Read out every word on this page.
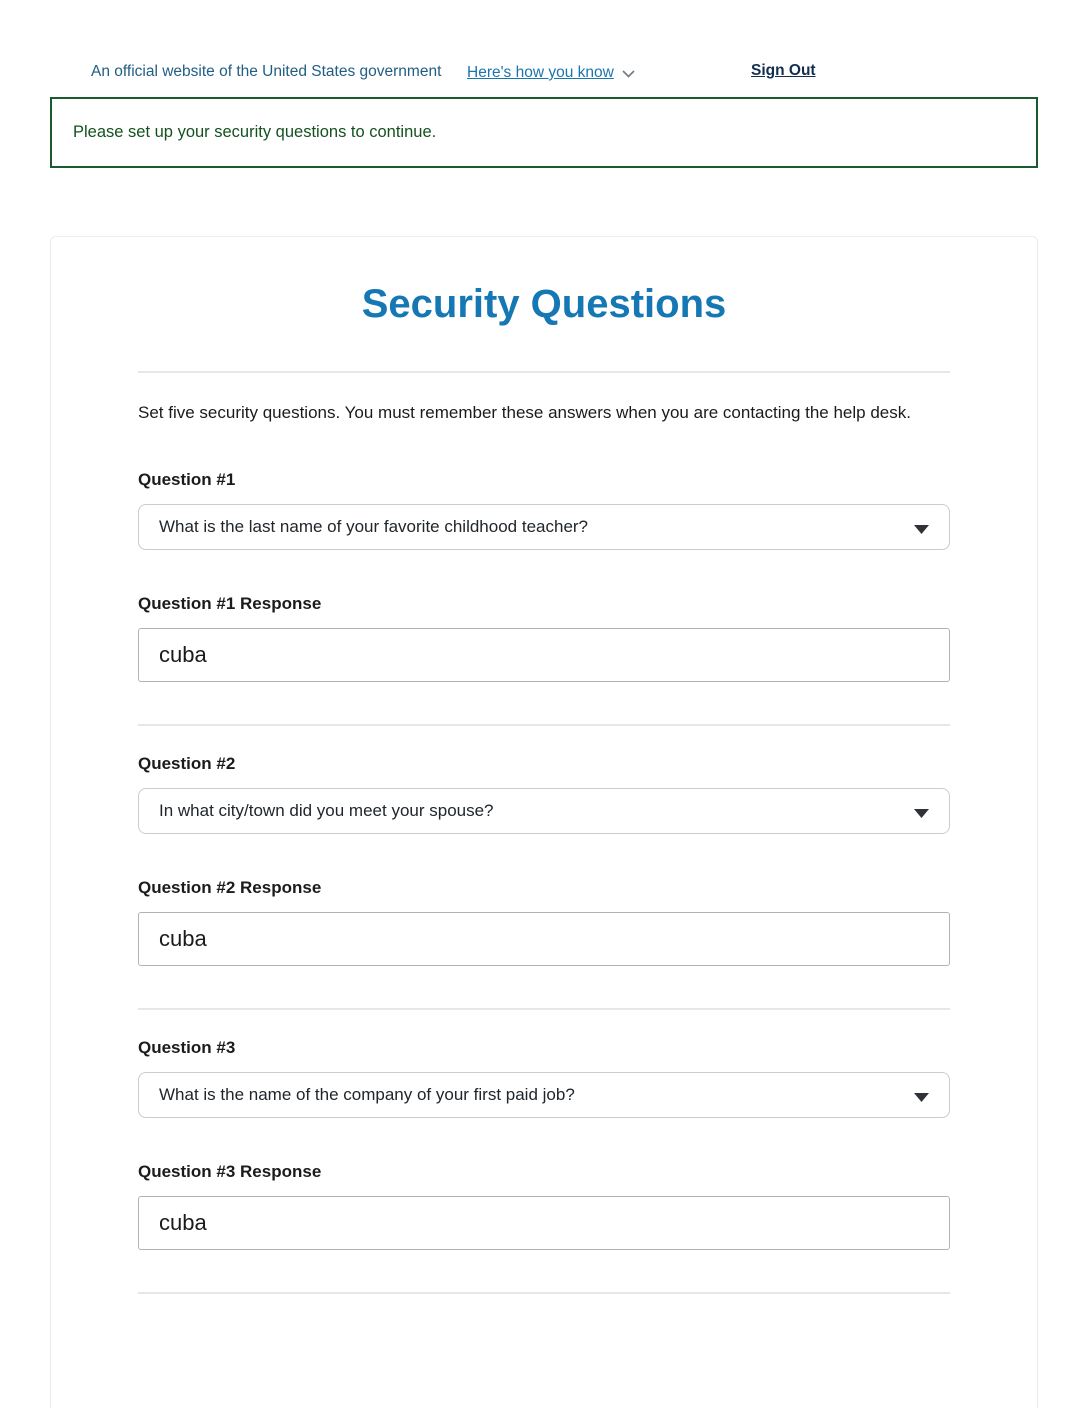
An official website of the United States government Here's how you know	Sign Out
Please set up your security questions to continue.
Security Questions

Set five security questions. You must remember these answers when you are contacting the help desk.

Question #1
What is the last name of your favorite childhood teacher?
Question #1 Response
cuba
Question #2
In what city/town did you meet your spouse?
Question #2 Response
cuba
Question #3
What is the name of the company of your first paid job?
Question #3 Response
cuba
